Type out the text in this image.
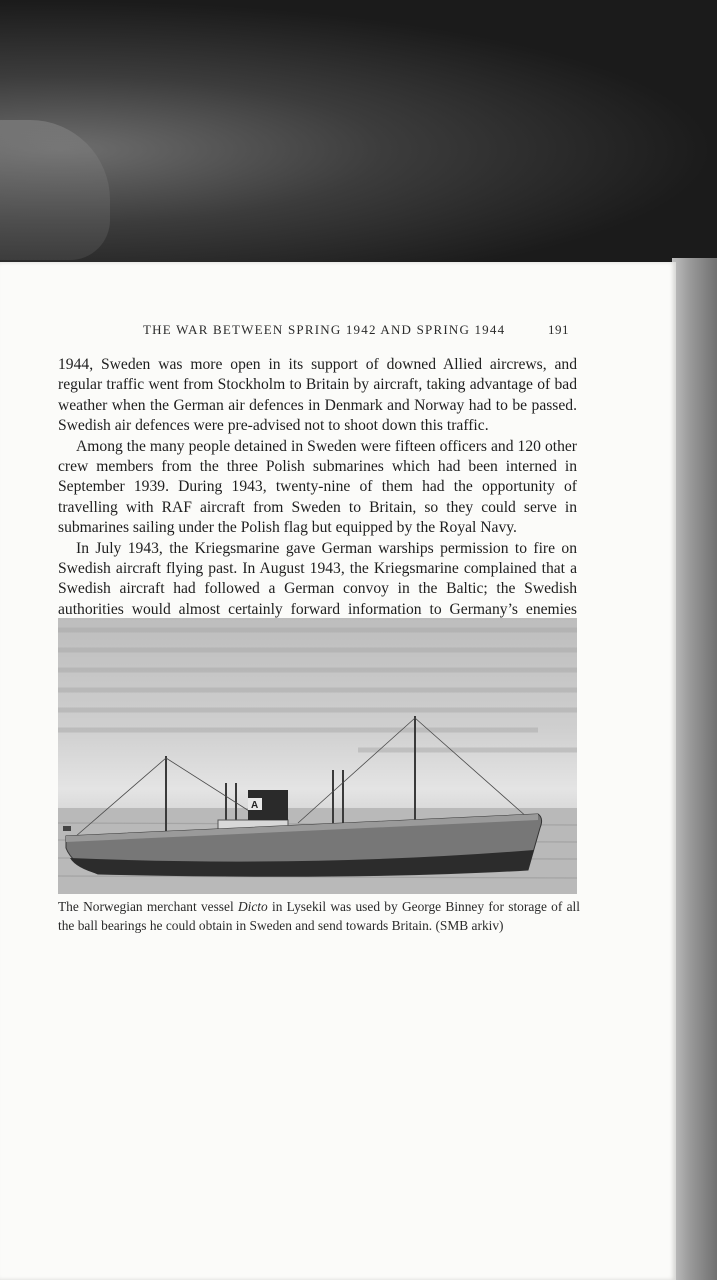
THE WAR BETWEEN SPRING 1942 AND SPRING 1944	191

1944, Sweden was more open in its support of downed Allied aircrews, and regular traffic went from Stockholm to Britain by aircraft, taking advantage of bad weather when the German air defences in Denmark and Norway had to be passed. Swedish air defences were pre-advised not to shoot down this traffic.

Among the many people detained in Sweden were fifteen officers and 120 other crew members from the three Polish submarines which had been interned in September 1939. During 1943, twenty-nine of them had the opportunity of travelling with RAF aircraft from Sweden to Britain, so they could serve in submarines sailing under the Polish flag but equipped by the Royal Navy.

In July 1943, the Kriegsmarine gave German warships permission to fire on Swedish aircraft flying past. In August 1943, the Kriegsmarine complained that a Swedish aircraft had followed a German convoy in the Baltic; the Swedish authorities would almost certainly forward information to Germany’s enemies

A
The Norwegian merchant vessel Dicto in Lysekil was used by George Binney for storage of all the ball bearings he could obtain in Sweden and send towards Britain. (SMB arkiv)
